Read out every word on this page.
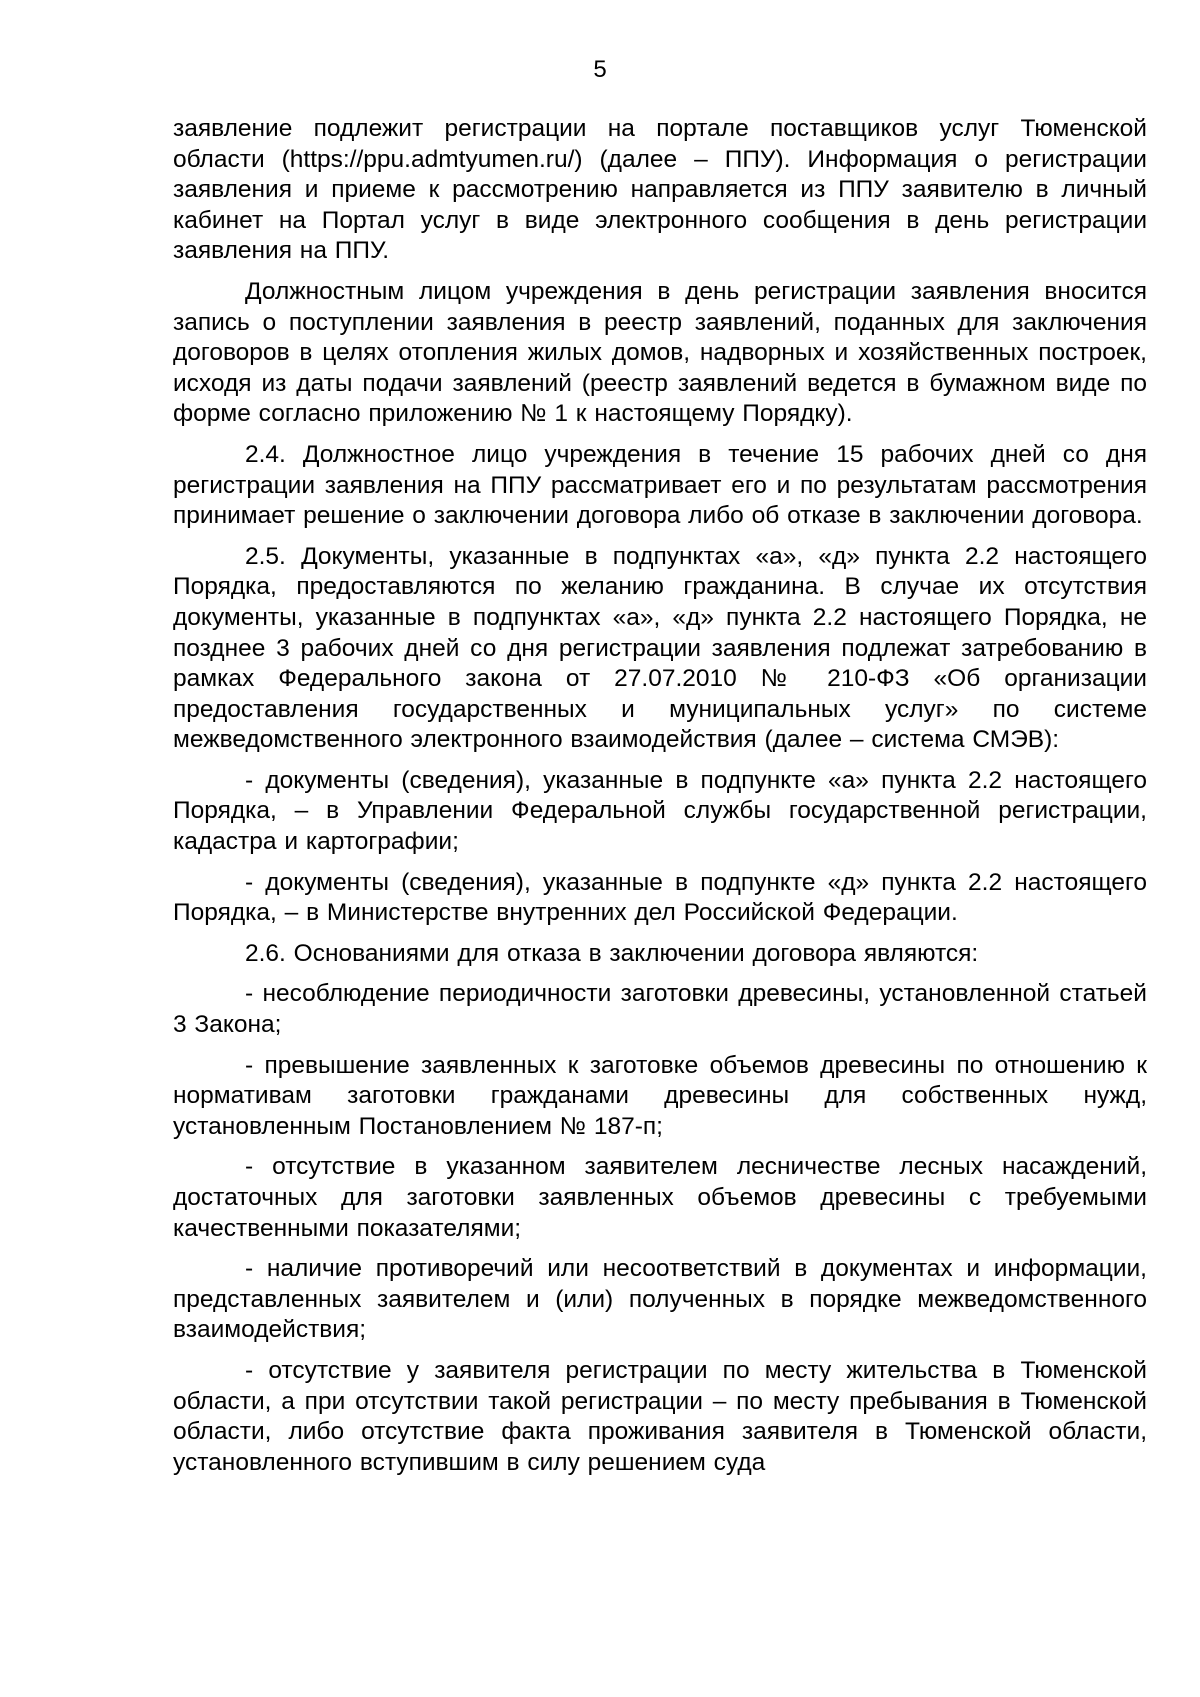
5

заявление подлежит регистрации на портале поставщиков услуг Тюменской области (https://ppu.admtyumen.ru/) (далее – ППУ). Информация о регистрации заявления и приеме к рассмотрению направляется из ППУ заявителю в личный кабинет на Портал услуг в виде электронного сообщения в день регистрации заявления на ППУ.

Должностным лицом учреждения в день регистрации заявления вносится запись о поступлении заявления в реестр заявлений, поданных для заключения договоров в целях отопления жилых домов, надворных и хозяйственных построек, исходя из даты подачи заявлений (реестр заявлений ведется в бумажном виде по форме согласно приложению № 1 к настоящему Порядку).

2.4. Должностное лицо учреждения в течение 15 рабочих дней со дня регистрации заявления на ППУ рассматривает его и по результатам рассмотрения принимает решение о заключении договора либо об отказе в заключении договора.

2.5. Документы, указанные в подпунктах «а», «д» пункта 2.2 настоящего Порядка, предоставляются по желанию гражданина. В случае их отсутствия документы, указанные в подпунктах «а», «д» пункта 2.2 настоящего Порядка, не позднее 3 рабочих дней со дня регистрации заявления подлежат затребованию в рамках Федерального закона от 27.07.2010 № 210-ФЗ «Об организации предоставления государственных и муниципальных услуг» по системе межведомственного электронного взаимодействия (далее – система СМЭВ):

- документы (сведения), указанные в подпункте «а» пункта 2.2 настоящего Порядка, – в Управлении Федеральной службы государственной регистрации, кадастра и картографии;

- документы (сведения), указанные в подпункте «д» пункта 2.2 настоящего Порядка, – в Министерстве внутренних дел Российской Федерации.

2.6. Основаниями для отказа в заключении договора являются:

- несоблюдение периодичности заготовки древесины, установленной статьей 3 Закона;

- превышение заявленных к заготовке объемов древесины по отношению к нормативам заготовки гражданами древесины для собственных нужд, установленным Постановлением № 187-п;

- отсутствие в указанном заявителем лесничестве лесных насаждений, достаточных для заготовки заявленных объемов древесины с требуемыми качественными показателями;

- наличие противоречий или несоответствий в документах и информации, представленных заявителем и (или) полученных в порядке межведомственного взаимодействия;

- отсутствие у заявителя регистрации по месту жительства в Тюменской области, а при отсутствии такой регистрации – по месту пребывания в Тюменской области, либо отсутствие факта проживания заявителя в Тюменской области, установленного вступившим в силу решением суда
